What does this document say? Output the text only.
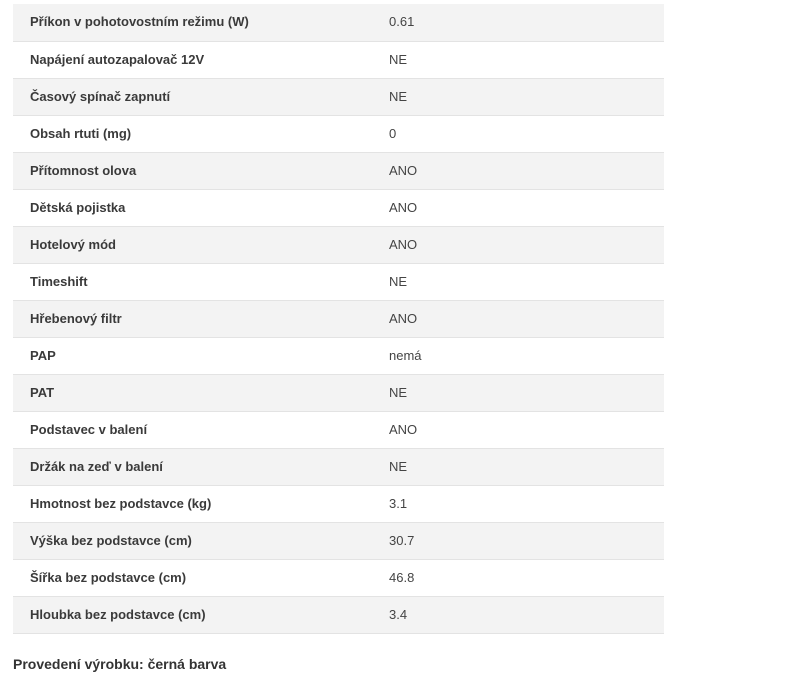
Příkon v pohotovostním režimu (W)	0.61
Napájení autozapalovač 12V	NE
Časový spínač zapnutí	NE
Obsah rtuti (mg)	0
Přítomnost olova	ANO
Dětská pojistka	ANO
Hotelový mód	ANO
Timeshift	NE
Hřebenový filtr	ANO
PAP	nemá
PAT	NE
Podstavec v balení	ANO
Držák na zeď v balení	NE
Hmotnost bez podstavce (kg)	3.1
Výška bez podstavce (cm)	30.7
Šířka bez podstavce (cm)	46.8
Hloubka bez podstavce (cm)	3.4
Provedení výrobku: černá barva
